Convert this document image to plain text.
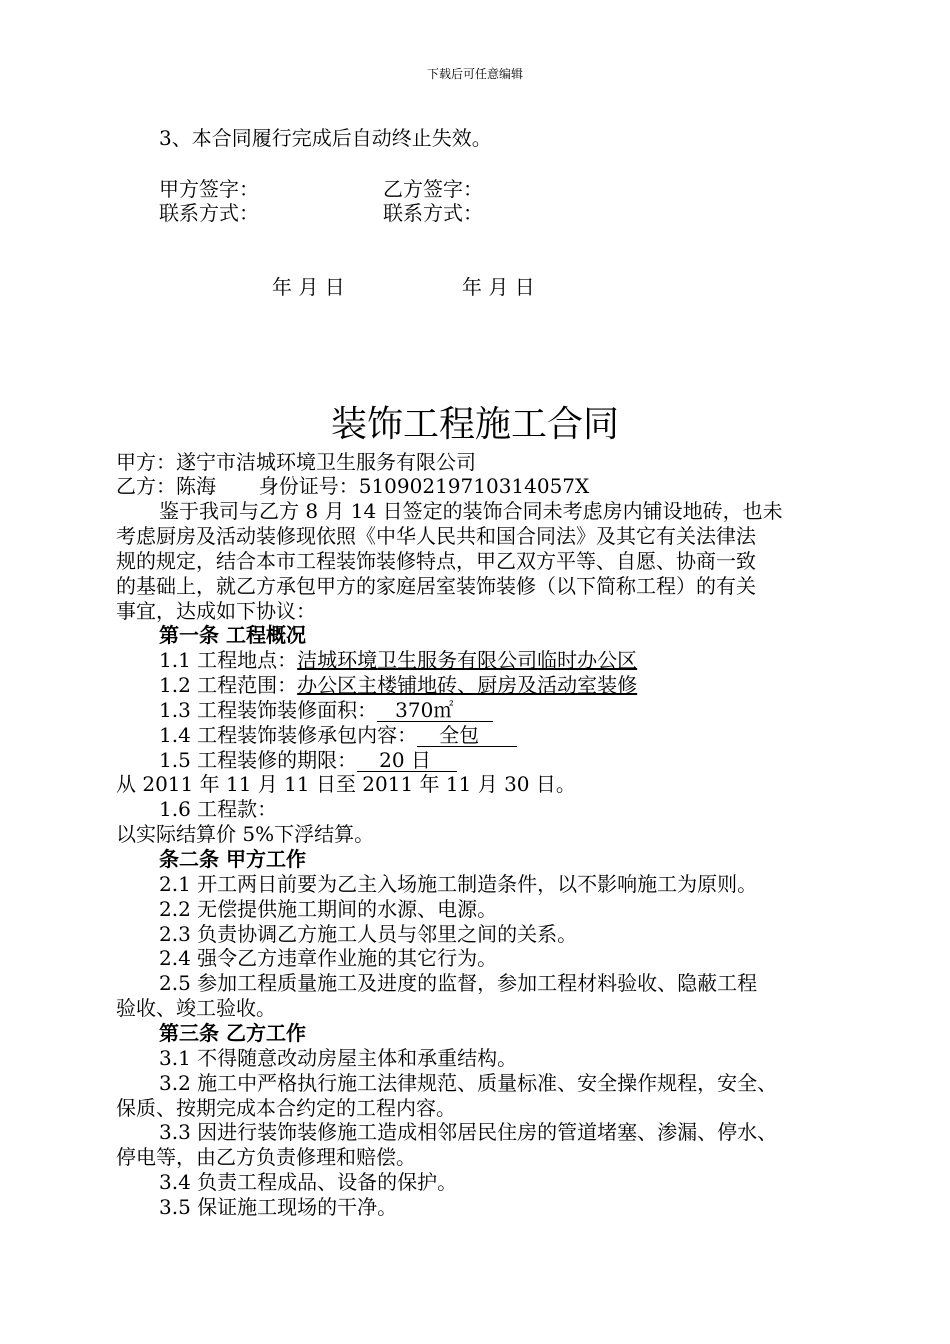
下载后可任意编辑
3、本合同履行完成后自动终止失效。
甲方签字：	乙方签字：
联系方式：	联系方式：
年 月 日	年 月 日
装饰工程施工合同
甲方：遂宁市洁城环境卫生服务有限公司
乙方：陈海 身份证号：51090219710314057X
鉴于我司与乙方 8 月 14 日签定的装饰合同未考虑房内铺设地砖，也未
考虑厨房及活动装修现依照《中华人民共和国合同法》及其它有关法律法
规的规定，结合本市工程装饰装修特点，甲乙双方平等、自愿、协商一致
的基础上，就乙方承包甲方的家庭居室装饰装修（以下简称工程）的有关
事宜，达成如下协议：
第一条 工程概况
1.1 工程地点：洁城环境卫生服务有限公司临时办公区
1.2 工程范围：办公区主楼铺地砖、厨房及活动室装修
1.3 工程装饰装修面积： 370㎡
1.4 工程装饰装修承包内容： 全包
1.5 工程装修的期限： 20 日
从 2011 年 11 月 11 日至 2011 年 11 月 30 日。
1.6 工程款：
以实际结算价 5%下浮结算。
条二条 甲方工作
2.1 开工两日前要为乙主入场施工制造条件，以不影响施工为原则。
2.2 无偿提供施工期间的水源、电源。
2.3 负责协调乙方施工人员与邻里之间的关系。
2.4 强令乙方违章作业施的其它行为。
2.5 参加工程质量施工及进度的监督，参加工程材料验收、隐蔽工程
验收、竣工验收。
第三条 乙方工作
3.1 不得随意改动房屋主体和承重结构。
3.2 施工中严格执行施工法律规范、质量标准、安全操作规程，安全、
保质、按期完成本合约定的工程内容。
3.3 因进行装饰装修施工造成相邻居民住房的管道堵塞、渗漏、停水、
停电等，由乙方负责修理和赔偿。
3.4 负责工程成品、设备的保护。
3.5 保证施工现场的干净。
